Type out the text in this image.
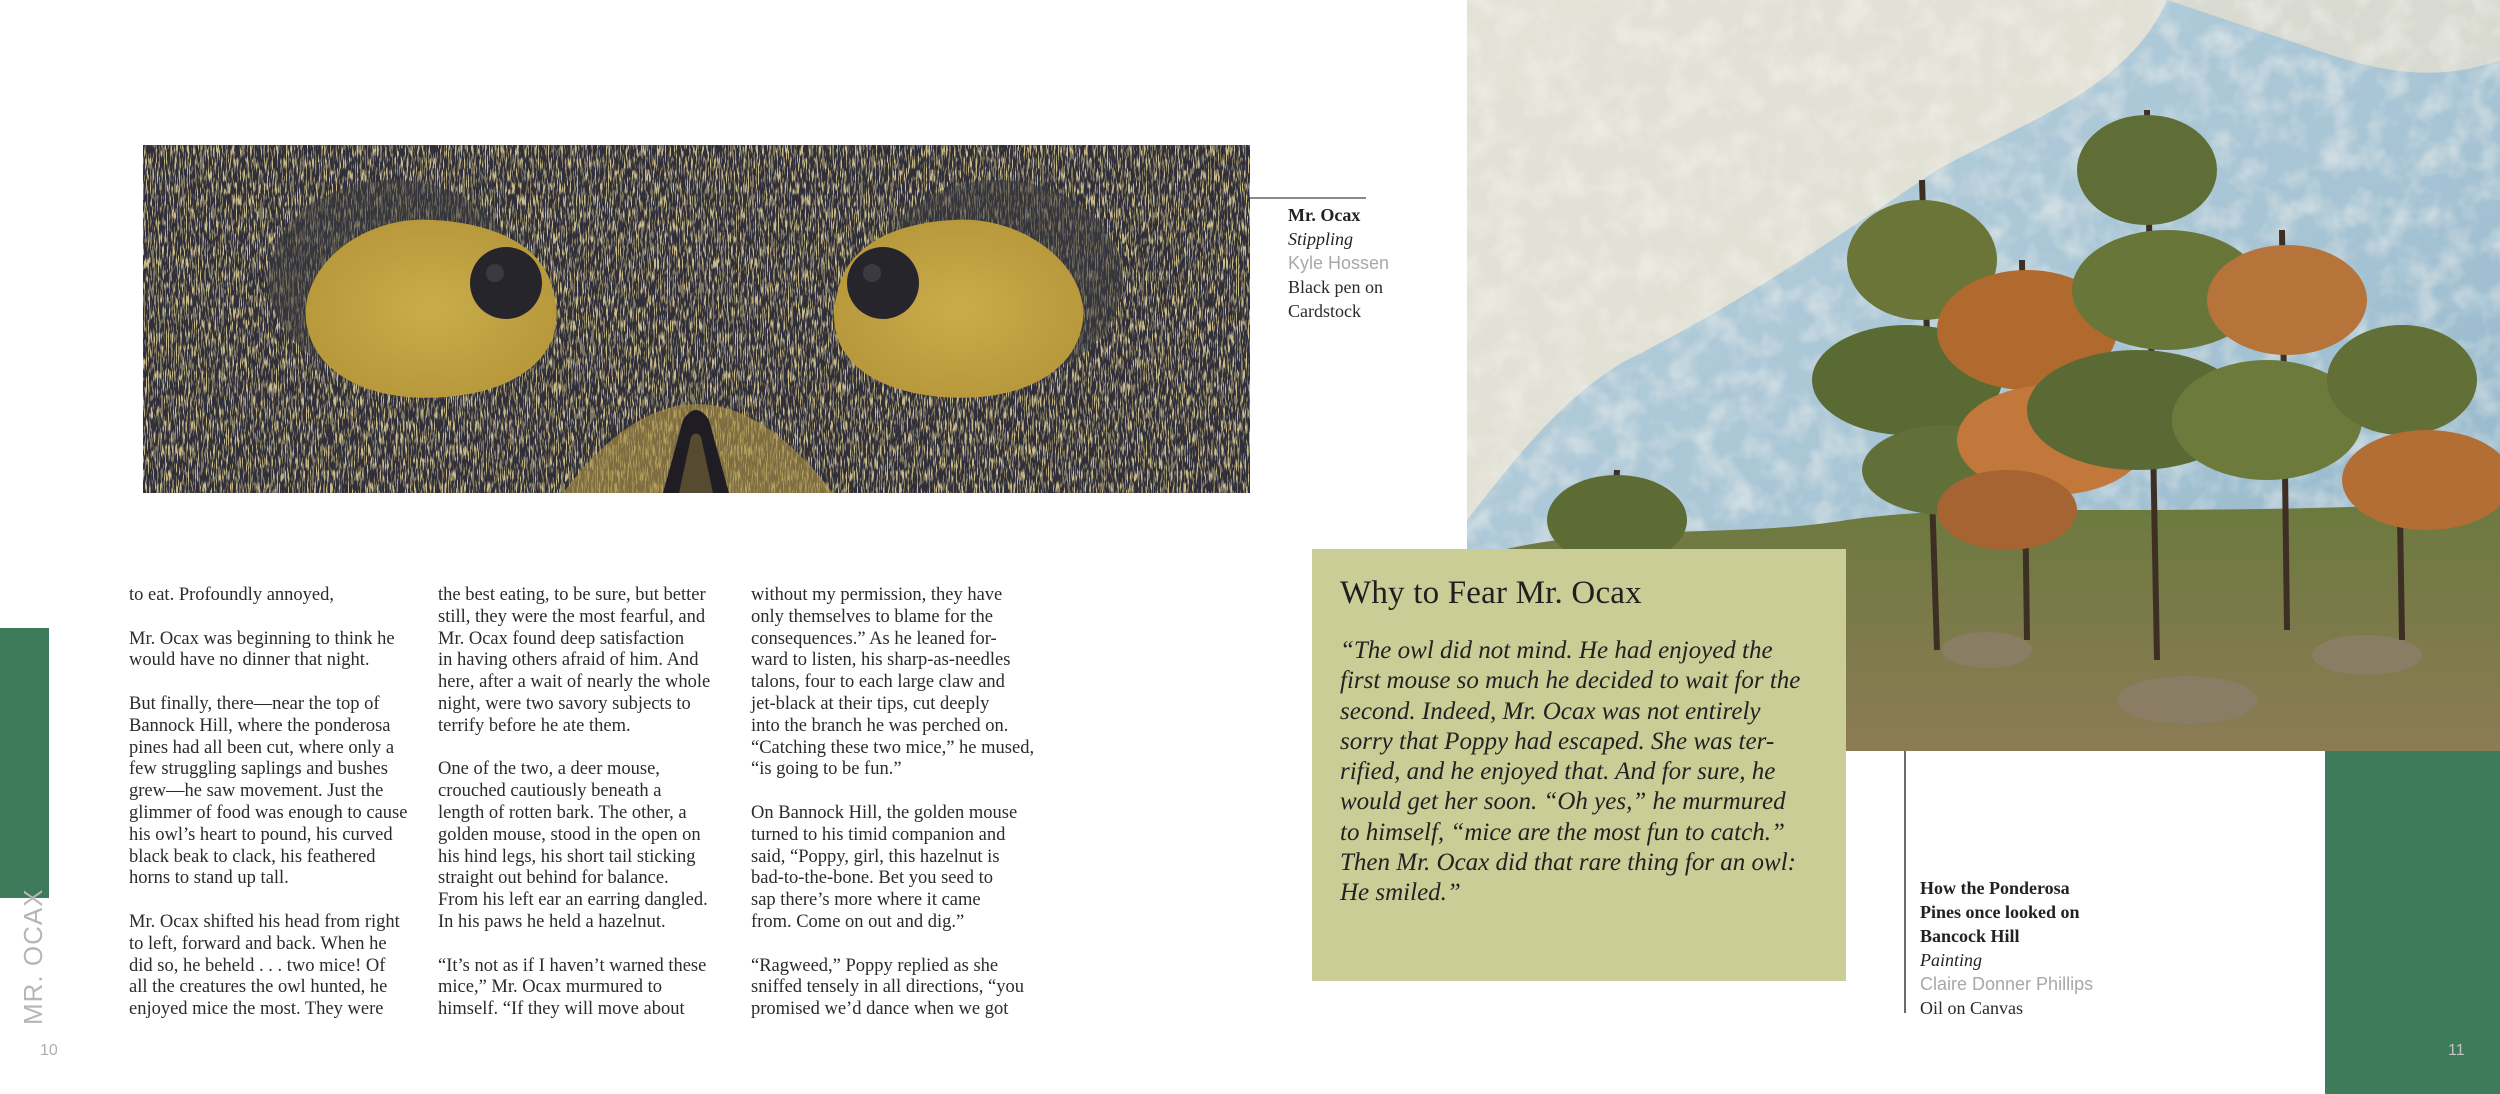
Mr. Ocax
Stippling
Kyle Hossen
Black pen on
Cardstock

to eat. Profoundly annoyed,

Mr. Ocax was beginning to think he
would have no dinner that night.

But finally, there—near the top of
Bannock Hill, where the ponderosa
pines had all been cut, where only a
few struggling saplings and bushes
grew—he saw movement. Just the
glimmer of food was enough to cause
his owl’s heart to pound, his curved
black beak to clack, his feathered
horns to stand up tall.

Mr. Ocax shifted his head from right
to left, forward and back. When he
did so, he beheld . . . two mice! Of
all the creatures the owl hunted, he
enjoyed mice the most. They were

the best eating, to be sure, but better
still, they were the most fearful, and
Mr. Ocax found deep satisfaction
in having others afraid of him. And
here, after a wait of nearly the whole
night, were two savory subjects to
terrify before he ate them.

One of the two, a deer mouse,
crouched cautiously beneath a
length of rotten bark. The other, a
golden mouse, stood in the open on
his hind legs, his short tail sticking
straight out behind for balance.
From his left ear an earring dangled.
In his paws he held a hazelnut.

“It’s not as if I haven’t warned these
mice,” Mr. Ocax murmured to
himself. “If they will move about

without my permission, they have
only themselves to blame for the
consequences.” As he leaned for-
ward to listen, his sharp-as-needles
talons, four to each large claw and
jet-black at their tips, cut deeply
into the branch he was perched on.
“Catching these two mice,” he mused,
“is going to be fun.”

On Bannock Hill, the golden mouse
turned to his timid companion and
said, “Poppy, girl, this hazelnut is
bad-to-the-bone. Bet you seed to
sap there’s more where it came
from. Come on out and dig.”

“Ragweed,” Poppy replied as she
sniffed tensely in all directions, “you
promised we’d dance when we got

MR. OCAX
10
Why to Fear Mr. Ocax

“The owl did not mind. He had enjoyed the
first mouse so much he decided to wait for the
second. Indeed, Mr. Ocax was not entirely
sorry that Poppy had escaped. She was ter-
rified, and he enjoyed that. And for sure, he
would get her soon. “Oh yes,” he murmured
to himself, “mice are the most fun to catch.”
Then Mr. Ocax did that rare thing for an owl:
He smiled.”	How the Ponderosa
Pines once looked on
Bancock Hill
Painting
Claire Donner Phillips
Oil on Canvas
11
